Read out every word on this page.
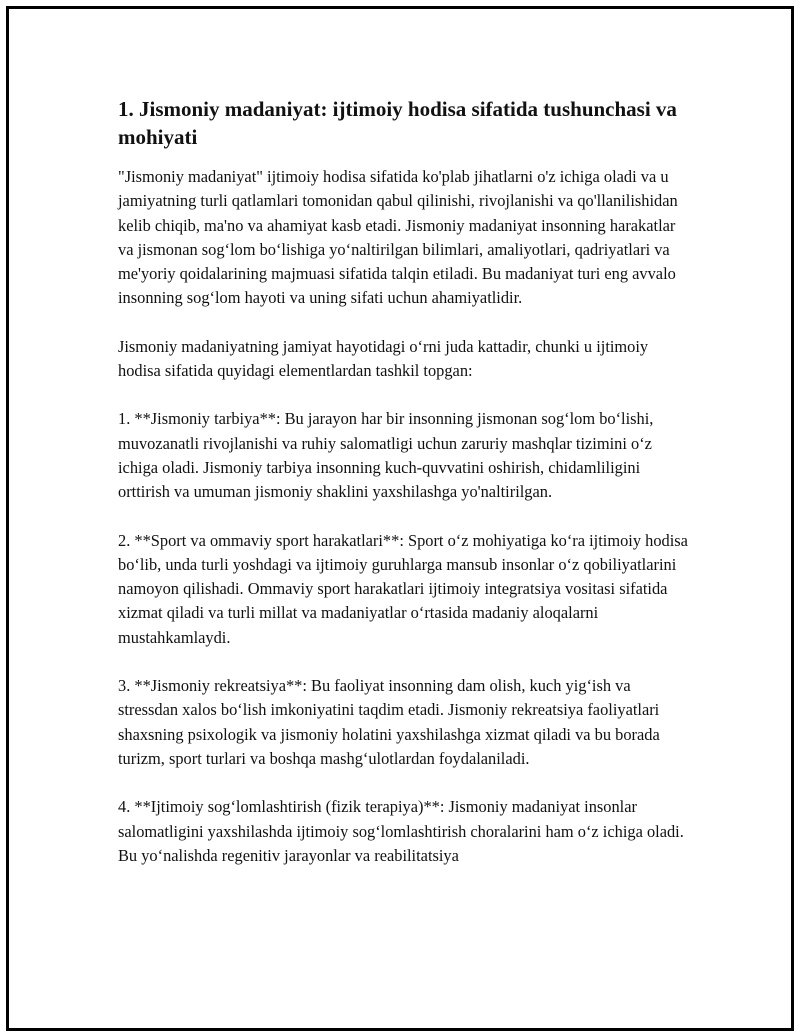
1. Jismoniy madaniyat: ijtimoiy hodisa sifatida tushunchasi va mohiyati

"Jismoniy madaniyat" ijtimoiy hodisa sifatida ko'plab jihatlarni o'z ichiga oladi va u jamiyatning turli qatlamlari tomonidan qabul qilinishi, rivojlanishi va qo'llanilishidan kelib chiqib, ma'no va ahamiyat kasb etadi. Jismoniy madaniyat insonning harakatlar va jismonan sog‘lom bo‘lishiga yo‘naltirilgan bilimlari, amaliyotlari, qadriyatlari va me'yoriy qoidalarining majmuasi sifatida talqin etiladi. Bu madaniyat turi eng avvalo insonning sog‘lom hayoti va uning sifati uchun ahamiyatlidir.

Jismoniy madaniyatning jamiyat hayotidagi o‘rni juda kattadir, chunki u ijtimoiy hodisa sifatida quyidagi elementlardan tashkil topgan:

1. **Jismoniy tarbiya**: Bu jarayon har bir insonning jismonan sog‘lom bo‘lishi, muvozanatli rivojlanishi va ruhiy salomatligi uchun zaruriy mashqlar tizimini o‘z ichiga oladi. Jismoniy tarbiya insonning kuch-quvvatini oshirish, chidamliligini orttirish va umuman jismoniy shaklini yaxshilashga yo'naltirilgan.

2. **Sport va ommaviy sport harakatlari**: Sport o‘z mohiyatiga ko‘ra ijtimoiy hodisa bo‘lib, unda turli yoshdagi va ijtimoiy guruhlarga mansub insonlar o‘z qobiliyatlarini namoyon qilishadi. Ommaviy sport harakatlari ijtimoiy integratsiya vositasi sifatida xizmat qiladi va turli millat va madaniyatlar o‘rtasida madaniy aloqalarni mustahkamlaydi.

3. **Jismoniy rekreatsiya**: Bu faoliyat insonning dam olish, kuch yig‘ish va stressdan xalos bo‘lish imkoniyatini taqdim etadi. Jismoniy rekreatsiya faoliyatlari shaxsning psixologik va jismoniy holatini yaxshilashga xizmat qiladi va bu borada turizm, sport turlari va boshqa mashg‘ulotlardan foydalaniladi.

4. **Ijtimoiy sog‘lomlashtirish (fizik terapiya)**: Jismoniy madaniyat insonlar salomatligini yaxshilashda ijtimoiy sog‘lomlashtirish choralarini ham o‘z ichiga oladi. Bu yo‘nalishda regenitiv jarayonlar va reabilitatsiya
